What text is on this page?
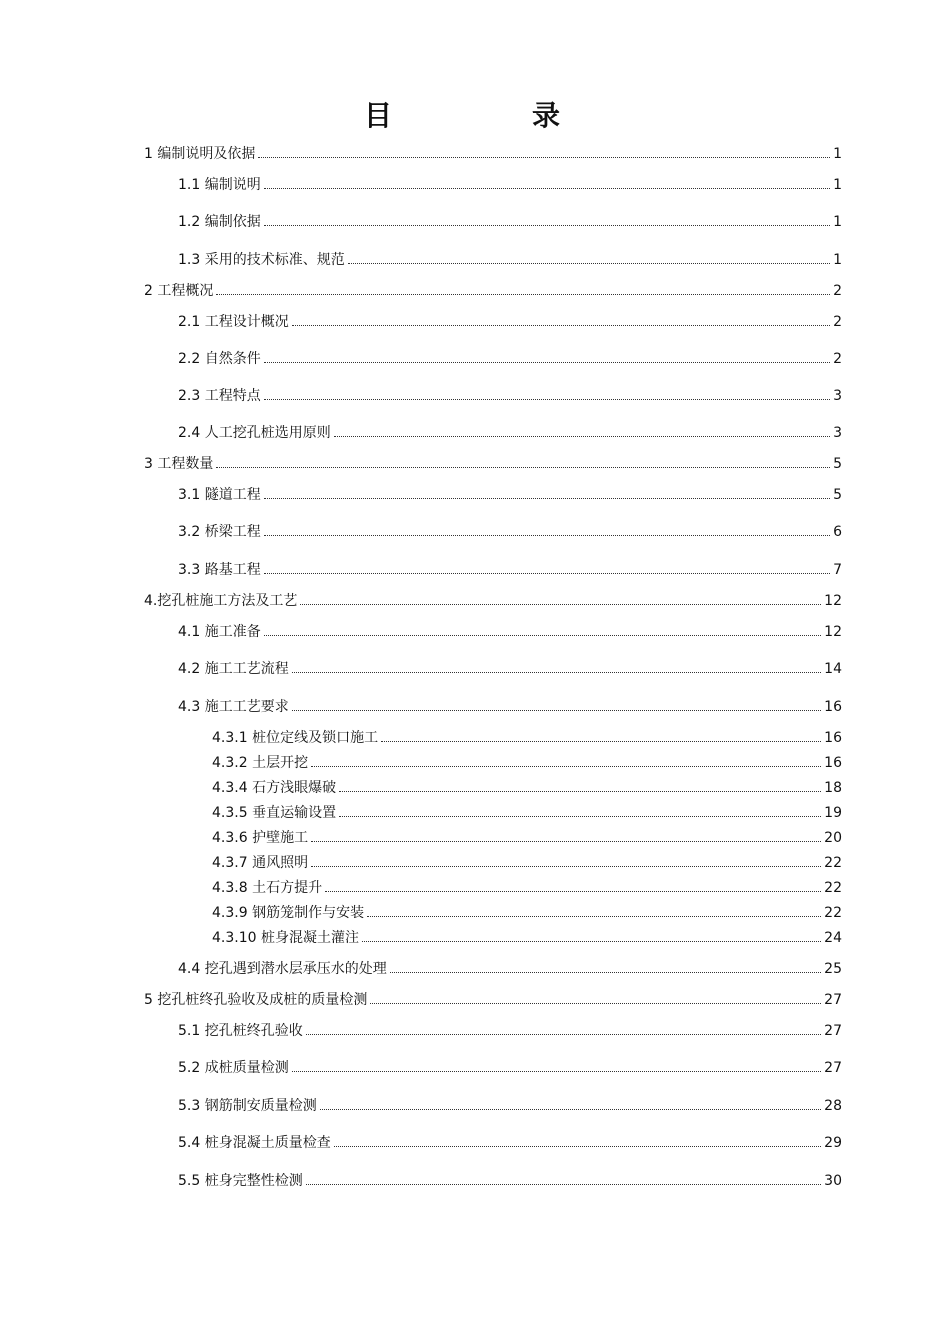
目　录
1 编制说明及依据	1
1.1 编制说明	1
1.2 编制依据	1
1.3 采用的技术标准、规范	1
2 工程概况	2
2.1 工程设计概况	2
2.2 自然条件	2
2.3 工程特点	3
2.4 人工挖孔桩选用原则	3
3 工程数量	5
3.1 隧道工程	5
3.2 桥梁工程	6
3.3 路基工程	7
4.挖孔桩施工方法及工艺	12
4.1 施工准备	12
4.2 施工工艺流程	14
4.3 施工工艺要求	16
4.3.1 桩位定线及锁口施工	16
4.3.2 土层开挖	16
4.3.4 石方浅眼爆破	18
4.3.5 垂直运输设置	19
4.3.6 护壁施工	20
4.3.7 通风照明	22
4.3.8 土石方提升	22
4.3.9 钢筋笼制作与安装	22
4.3.10 桩身混凝土灌注	24
4.4 挖孔遇到潜水层承压水的处理	25
5 挖孔桩终孔验收及成桩的质量检测	27
5.1 挖孔桩终孔验收	27
5.2 成桩质量检测	27
5.3 钢筋制安质量检测	28
5.4 桩身混凝土质量检查	29
5.5 桩身完整性检测	30
